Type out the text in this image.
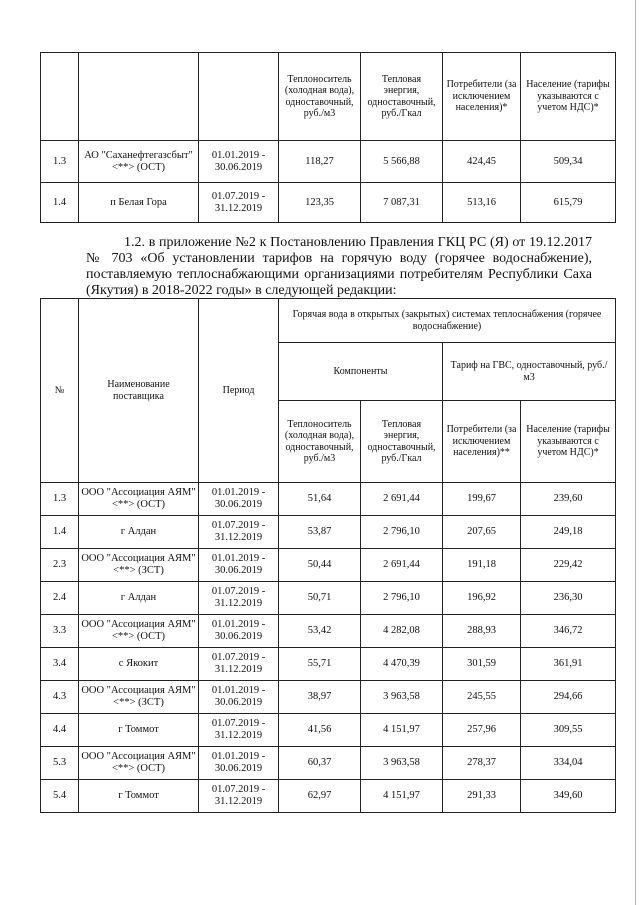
			Теплоноситель (холодная вода), одноставочный, руб./м3	Тепловая энергия, одноставочный, руб./Гкал	Потребители (за исключением населения)*	Население (тарифы указываются с учетом НДС)*
1.3	АО "Саханефтегазсбыт" <**> (ОСТ)	01.01.2019 - 30.06.2019	118,27	5 566,88	424,45	509,34
1.4	п Белая Гора	01.07.2019 - 31.12.2019	123,35	7 087,31	513,16	615,79
1.2. в приложение №2 к Постановлению Правления ГКЦ РС (Я) от 19.12.2017 № 703 «Об установлении тарифов на горячую воду (горячее водоснабжение), поставляемую теплоснабжающими организациями потребителям Республики Саха (Якутия) в 2018-2022 годы» в следующей редакции:
№	Наименование поставщика	Период	Горячая вода в открытых (закрытых) системах теплоснабжения (горячее водоснабжение)			
			Компоненты		Тариф на ГВС, одноставочный, руб./м3	
			Теплоноситель (холодная вода), одноставочный, руб./м3	Тепловая энергия, одноставочный, руб./Гкал	Потребители (за исключением населения)**	Население (тарифы указываются с учетом НДС)*
1.3	ООО "Ассоциация АЯМ" <**> (ОСТ)	01.01.2019 - 30.06.2019	51,64	2 691,44	199,67	239,60
1.4	г Алдан	01.07.2019 - 31.12.2019	53,87	2 796,10	207,65	249,18
2.3	ООО "Ассоциация АЯМ" <**> (ЗСТ)	01.01.2019 - 30.06.2019	50,44	2 691,44	191,18	229,42
2.4	г Алдан	01.07.2019 - 31.12.2019	50,71	2 796,10	196,92	236,30
3.3	ООО "Ассоциация АЯМ" <**> (ОСТ)	01.01.2019 - 30.06.2019	53,42	4 282,08	288,93	346,72
3.4	с Якокит	01.07.2019 - 31.12.2019	55,71	4 470,39	301,59	361,91
4.3	ООО "Ассоциация АЯМ" <**> (ЗСТ)	01.01.2019 - 30.06.2019	38,97	3 963,58	245,55	294,66
4.4	г Томмот	01.07.2019 - 31.12.2019	41,56	4 151,97	257,96	309,55
5.3	ООО "Ассоциация АЯМ" <**> (ОСТ)	01.01.2019 - 30.06.2019	60,37	3 963,58	278,37	334,04
5.4	г Томмот	01.07.2019 - 31.12.2019	62,97	4 151,97	291,33	349,60
